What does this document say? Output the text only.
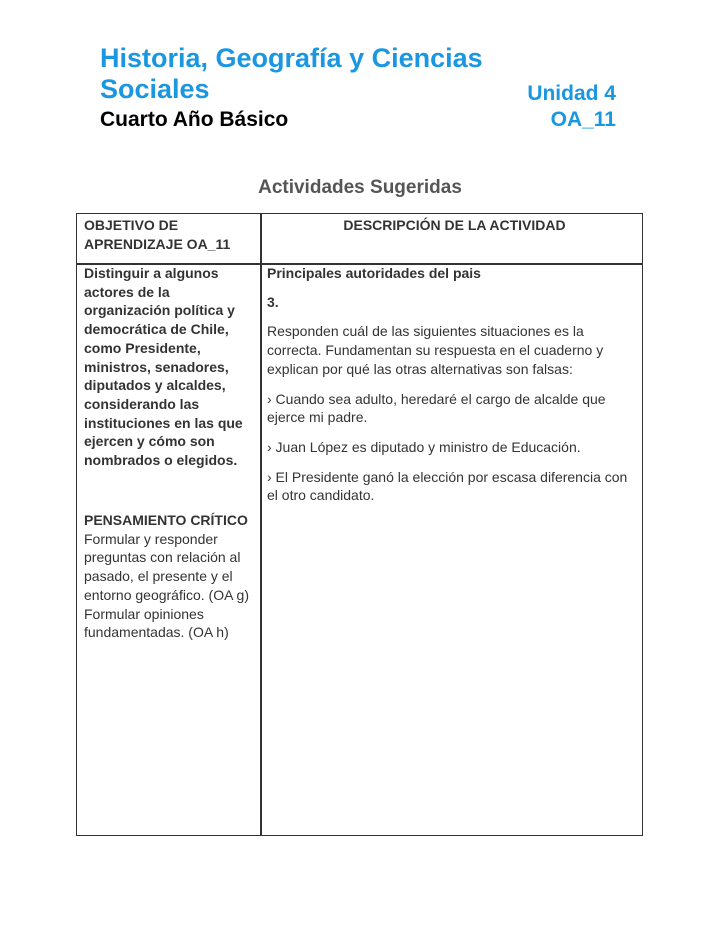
Historia, Geografía y Ciencias
Sociales	Unidad 4
Cuarto Año Básico	OA_11
Actividades Sugeridas
OBJETIVO DE APRENDIZAJE OA_11
DESCRIPCIÓN DE LA ACTIVIDAD
Distinguir a algunos actores de la organización política y democrática de Chile, como Presidente, ministros, senadores, diputados y alcaldes, considerando las instituciones en las que ejercen y cómo son nombrados o elegidos.
PENSAMIENTO CRÍTICO
Formular y responder preguntas con relación al pasado, el presente y el entorno geográfico. (OA g)
Formular opiniones fundamentadas. (OA h)

Principales autoridades del pais

3.

Responden cuál de las siguientes situaciones es la correcta. Fundamentan su respuesta en el cuaderno y explican por qué las otras alternativas son falsas:

› Cuando sea adulto, heredaré el cargo de alcalde que ejerce mi padre.

› Juan López es diputado y ministro de Educación.

› El Presidente ganó la elección por escasa diferencia con el otro candidato.
